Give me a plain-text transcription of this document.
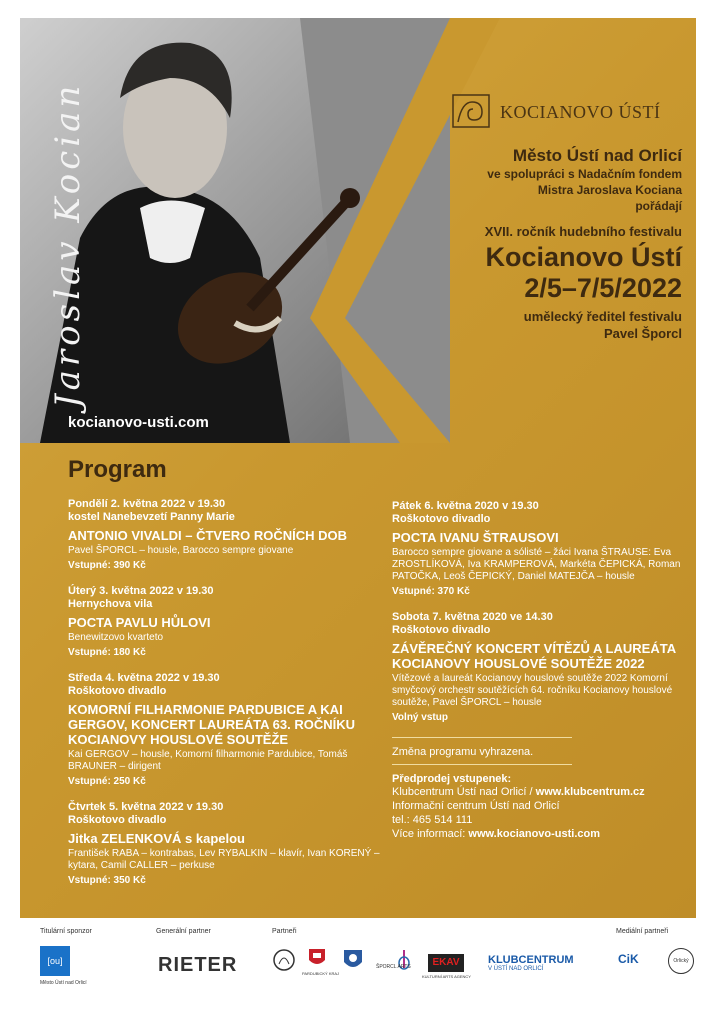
Jaroslav Kocian
kocianovo-usti.com
KOCIANOVO ÚSTÍ
Město Ústí nad Orlicí
ve spolupráci s Nadačním fondem
Mistra Jaroslava Kociana
pořádají
XVII. ročník hudebního festivalu
Kocianovo Ústí
2/5–7/5/2022
umělecký ředitel festivalu
Pavel Šporcl
Program
Pondělí 2. května 2022 v 19.30
kostel Nanebevzetí Panny Marie
ANTONIO VIVALDI – ČTVERO ROČNÍCH DOB
Pavel ŠPORCL – housle, Barocco sempre giovane
Vstupné: 390 Kč
Úterý 3. května 2022 v 19.30
Hernychova vila
POCTA PAVLU HŮLOVI
Benewitzovo kvarteto
Vstupné: 180 Kč
Středa 4. května 2022 v 19.30
Roškotovo divadlo
KOMORNÍ FILHARMONIE PARDUBICE A KAI GERGOV, KONCERT LAUREÁTA 63. ROČNÍKU KOCIANOVY HOUSLOVÉ SOUTĚŽE
Kai GERGOV – housle, Komorní filharmonie Pardubice, Tomáš BRAUNER – dirigent
Vstupné: 250 Kč
Čtvrtek 5. května 2022 v 19.30
Roškotovo divadlo
Jitka ZELENKOVÁ s kapelou
František RABA – kontrabas, Lev RYBALKIN – klavír, Ivan KORENÝ – kytara, Camil CALLER – perkuse
Vstupné: 350 Kč
Pátek 6. května 2020 v 19.30
Roškotovo divadlo
POCTA IVANU ŠTRAUSOVI
Barocco sempre giovane a sólisté – žáci Ivana ŠTRAUSE: Eva ZROSTLÍKOVÁ, Iva KRAMPEROVÁ, Markéta ČEPICKÁ, Roman PATOČKA, Leoš ČEPICKÝ, Daniel MATEJČA – housle
Vstupné: 370 Kč
Sobota 7. května 2020 ve 14.30
Roškotovo divadlo
ZÁVĚREČNÝ KONCERT VÍTĚZŮ A LAUREÁTA KOCIANOVY HOUSLOVÉ SOUTĚŽE 2022
Vítězové a laureát Kocianovy houslové soutěže 2022 Komorní smyčcový orchestr soutěžících 64. ročníku Kocianovy houslové soutěže, Pavel ŠPORCL – housle
Volný vstup
Změna programu vyhrazena.
Předprodej vstupenek:
Klubcentrum Ústí nad Orlicí / www.klubcentrum.cz
Informační centrum Ústí nad Orlicí
tel.: 465 514 111
Více informací: www.kocianovo-usti.com
Titulární sponzor
[ou]
Město Ústí nad Orlicí
Generální partner
RIETER
Partneři
PARDUBICKÝ KRAJ
ŠPORCL ARTS	EKAV
KULTURNÍ ARTS AGENCY
KLUBCENTRUM
V ÚSTÍ NAD ORLICÍ
Mediální partneři
CiK	Orlický
